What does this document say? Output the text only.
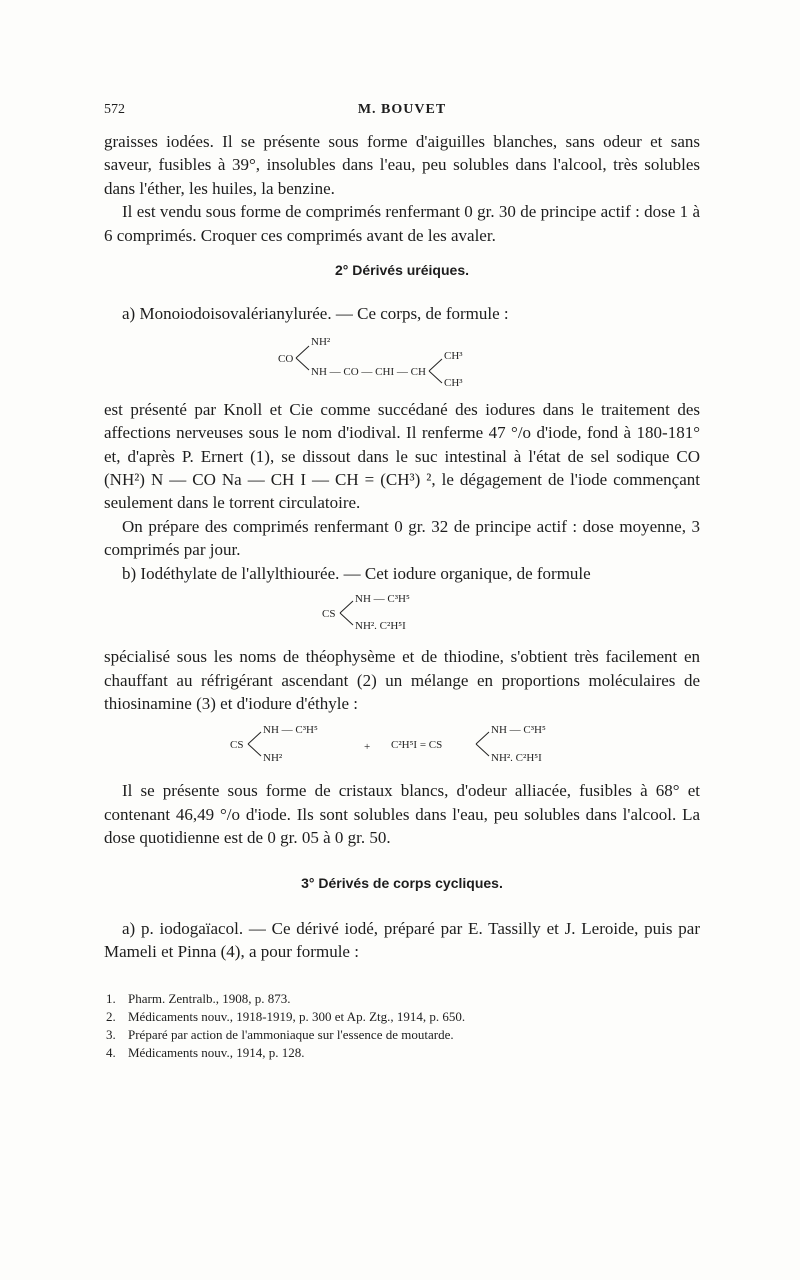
572	M. BOUVET

graisses iodées. Il se présente sous forme d'aiguilles blanches, sans odeur et sans saveur, fusibles à 39°, insolubles dans l'eau, peu solubles dans l'alcool, très solubles dans l'éther, les huiles, la benzine.

Il est vendu sous forme de comprimés renfermant 0 gr. 30 de principe actif : dose 1 à 6 comprimés. Croquer ces comprimés avant de les avaler.

2° Dérivés uréiques.

a) Monoiodoisovalérianylurée. — Ce corps, de formule :

CO
NH²
NH — CO — CHI — CH
CH³
CH³

est présenté par Knoll et Cie comme succédané des iodures dans le traitement des affections nerveuses sous le nom d'iodival. Il renferme 47 °/o d'iode, fond à 180-181° et, d'après P. Ernert (1), se dissout dans le suc intestinal à l'état de sel sodique CO (NH²) N — CO Na — CH I — CH = (CH³) ², le dégagement de l'iode commençant seulement dans le torrent circulatoire.

On prépare des comprimés renfermant 0 gr. 32 de principe actif : dose moyenne, 3 comprimés par jour.

b) Iodéthylate de l'allylthiourée. — Cet iodure organique, de formule

CS
NH — C³H⁵
NH². C²H⁵I

spécialisé sous les noms de théophysème et de thiodine, s'obtient très facilement en chauffant au réfrigérant ascendant (2) un mélange en proportions moléculaires de thiosinamine (3) et d'iodure d'éthyle :

CS
NH — C³H⁵
NH²
+ C²H⁵I = CS
NH — C³H⁵
NH². C²H⁵I

Il se présente sous forme de cristaux blancs, d'odeur alliacée, fusibles à 68° et contenant 46,49 °/o d'iode. Ils sont solubles dans l'eau, peu solubles dans l'alcool. La dose quotidienne est de 0 gr. 05 à 0 gr. 50.

3° Dérivés de corps cycliques.

a) p. iodogaïacol. — Ce dérivé iodé, préparé par E. Tassilly et J. Leroide, puis par Mameli et Pinna (4), a pour formule :

1. Pharm. Zentralb., 1908, p. 873.
2. Médicaments nouv., 1918-1919, p. 300 et Ap. Ztg., 1914, p. 650.
3. Préparé par action de l'ammoniaque sur l'essence de moutarde.
4. Médicaments nouv., 1914, p. 128.
